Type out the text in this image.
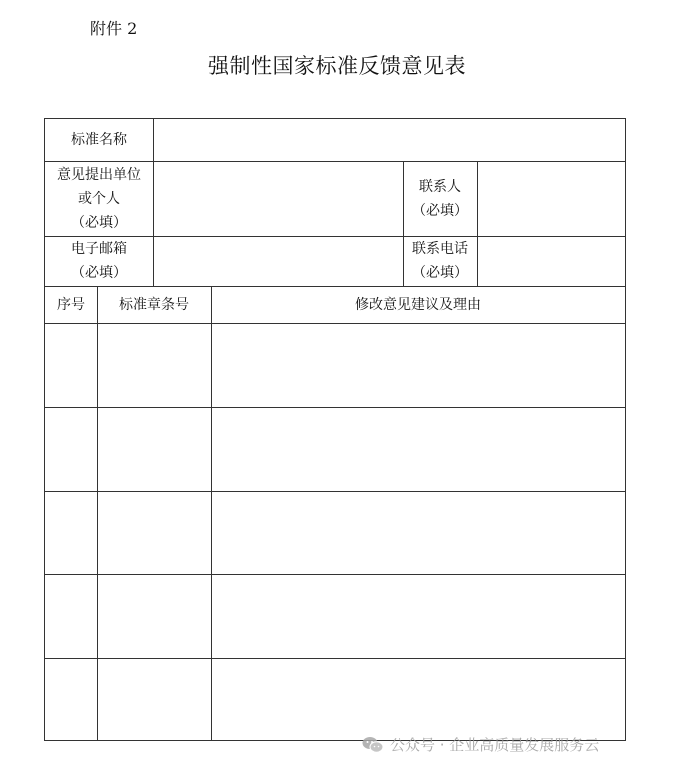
附件 2
强制性国家标准反馈意见表
标准名称
意见提出单位
或个人
（必填）
联系人
（必填）
电子邮箱
（必填）
联系电话
（必填）
序号 标准章条号	修改意见建议及理由
公众号 · 企业高质量发展服务云
